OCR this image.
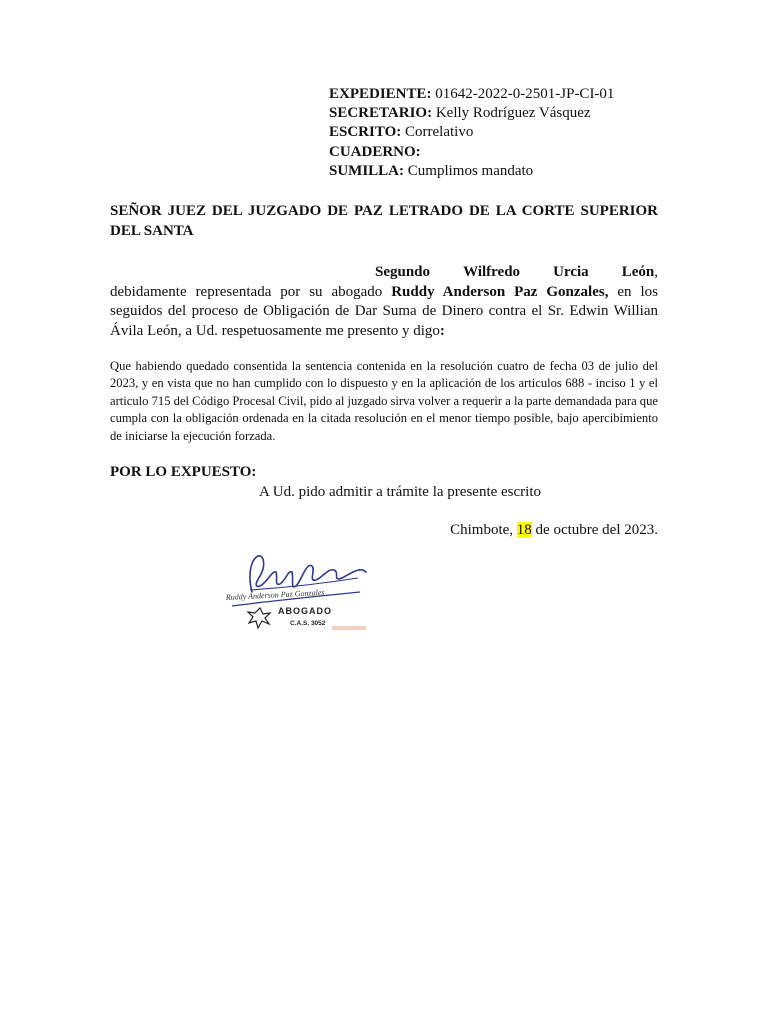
EXPEDIENTE: 01642-2022-0-2501-JP-CI-01
SECRETARIO: Kelly Rodríguez Vásquez
ESCRITO: Correlativo
CUADERNO:
SUMILLA: Cumplimos mandato
SEÑOR JUEZ DEL JUZGADO DE PAZ LETRADO DE LA CORTE SUPERIOR DEL SANTA
Segundo Wilfredo Urcia León,
debidamente representada por su abogado Ruddy Anderson Paz Gonzales, en los seguidos del proceso de Obligación de Dar Suma de Dinero contra el Sr. Edwin Willian Ávila León, a Ud. respetuosamente me presento y digo:
Que habiendo quedado consentida la sentencia contenida en la resolución cuatro de fecha 03 de julio del 2023, y en vista que no han cumplido con lo dispuesto y en la aplicación de los articulos 688 - inciso 1 y el articulo 715 del Código Procesal Civil, pido al juzgado sirva volver a requerir a la parte demandada para que cumpla con la obligación ordenada en la citada resolución en el menor tiempo posible, bajo apercibimiento de iniciarse la ejecución forzada.
POR LO EXPUESTO:
A Ud. pido admitir a trámite la presente escrito
Chimbote, 18 de octubre del 2023.
Ruddy Anderson Paz Gonzales
ABOGADO
C.A.S. 3052
